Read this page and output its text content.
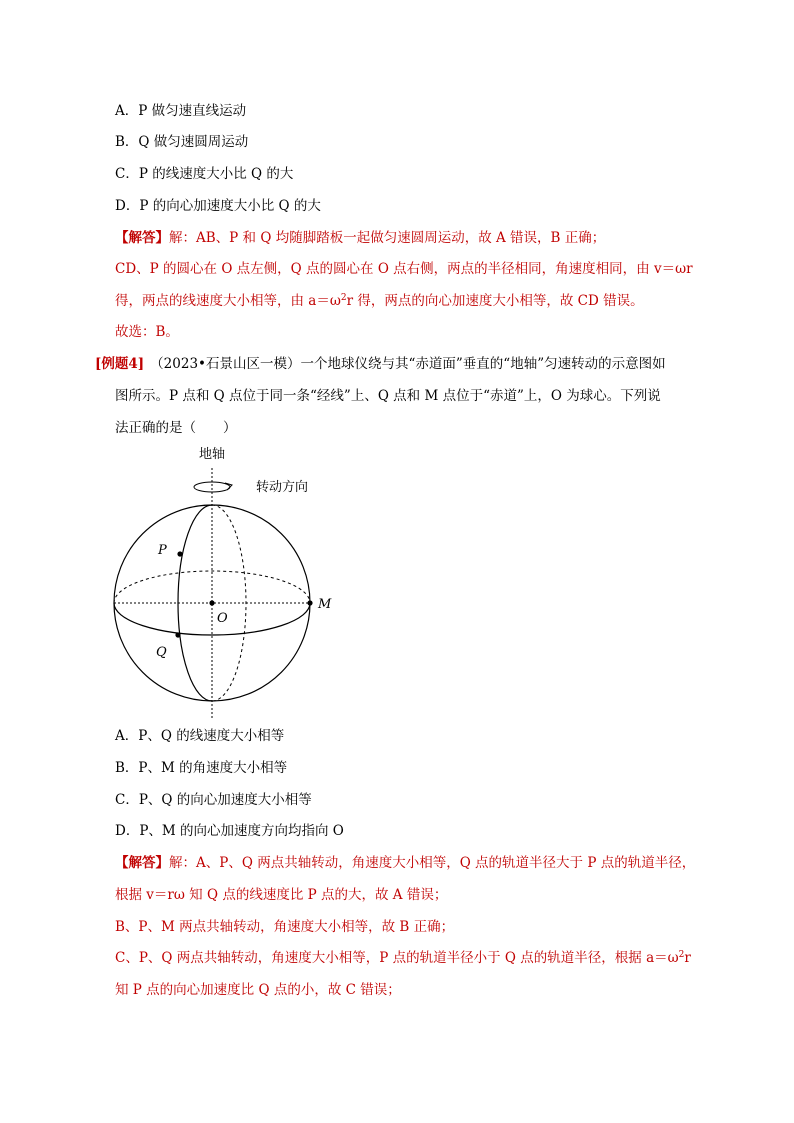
A．P 做匀速直线运动
B．Q 做匀速圆周运动
C．P 的线速度大小比 Q 的大
D．P 的向心加速度大小比 Q 的大
【解答】解：AB、P 和 Q 均随脚踏板一起做匀速圆周运动，故 A 错误，B 正确；
CD、P 的圆心在 O 点左侧，Q 点的圆心在 O 点右侧，两点的半径相同，角速度相同，由 v＝ωr
得，两点的线速度大小相等，由 $a=\omega^2r$ 得，两点的向心加速度大小相等，故 CD 错误。
故选：B。
[例题4] （2023•石景山区一模）一个地球仪绕与其“赤道面”垂直的“地轴”匀速转动的示意图如
图所示。P 点和 Q 点位于同一条“经线”上、Q 点和 M 点位于“赤道”上，O 为球心。下列说
法正确的是（　　）
地轴
转动方向
P
Q
O
M
A．P、Q 的线速度大小相等
B．P、M 的角速度大小相等
C．P、Q 的向心加速度大小相等
D．P、M 的向心加速度方向均指向 O
【解答】解：A、P、Q 两点共轴转动，角速度大小相等，Q 点的轨道半径大于 P 点的轨道半径，
根据 v＝rω 知 Q 点的线速度比 P 点的大，故 A 错误；
B、P、M 两点共轴转动，角速度大小相等，故 B 正确；
C、P、Q 两点共轴转动，角速度大小相等，P 点的轨道半径小于 Q 点的轨道半径，根据 $a=\omega^2r$
知 P 点的向心加速度比 Q 点的小，故 C 错误；
